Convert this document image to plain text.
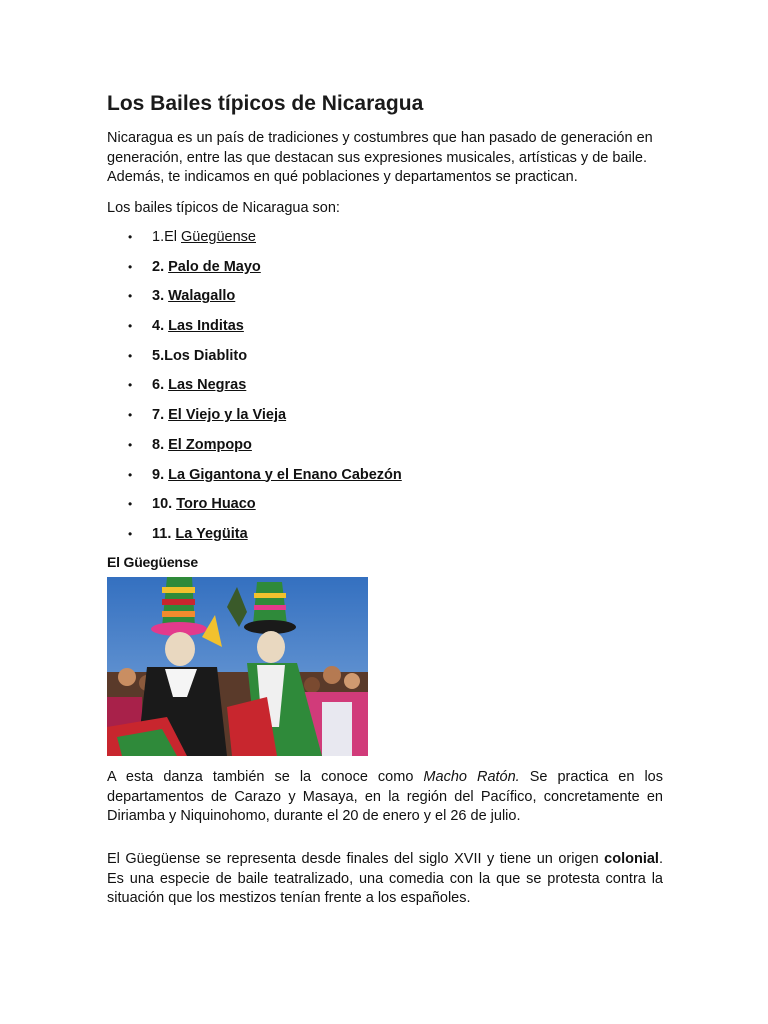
Los Bailes típicos de Nicaragua

Nicaragua es un país de tradiciones y costumbres que han pasado de generación en generación, entre las que destacan sus expresiones musicales, artísticas y de baile. Además, te indicamos en qué poblaciones y departamentos se practican.

Los bailes típicos de Nicaragua son:

• 1.El Güegüense
• 2. Palo de Mayo
• 3. Walagallo
• 4. Las Inditas
• 5.Los Diablito
• 6. Las Negras
• 7. El Viejo y la Vieja
• 8. El Zompopo
• 9. La Gigantona y el Enano Cabezón
• 10. Toro Huaco
• 11. La Yegüita
El Güegüense

A esta danza también se la conoce como Macho Ratón. Se practica en los departamentos de Carazo y Masaya, en la región del Pacífico, concretamente en Diriamba y Niquinohomo, durante el 20 de enero y el 26 de julio.

El Güegüense se representa desde finales del siglo XVII y tiene un origen colonial. Es una especie de baile teatralizado, una comedia con la que se protesta contra la situación que los mestizos tenían frente a los españoles.
